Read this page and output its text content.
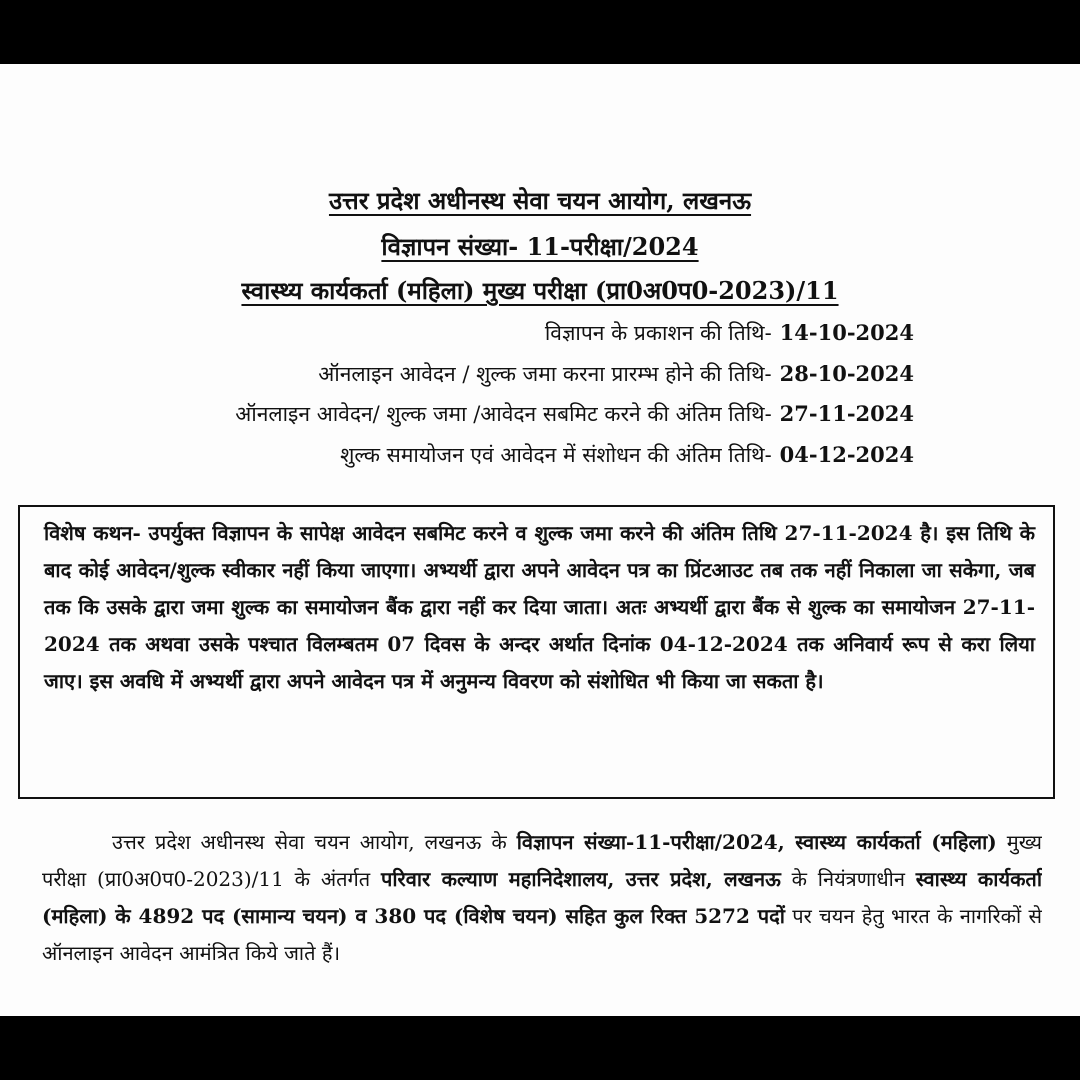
उत्तर प्रदेश अधीनस्थ सेवा चयन आयोग, लखनऊ
विज्ञापन संख्या- 11-परीक्षा/2024
स्वास्थ्य कार्यकर्ता (महिला) मुख्य परीक्षा (प्रा0अ0प0-2023)/11
विज्ञापन के प्रकाशन की तिथि- 14-10-2024
ऑनलाइन आवेदन / शुल्क जमा करना प्रारम्भ होने की तिथि- 28-10-2024
ऑनलाइन आवेदन/ शुल्क जमा /आवेदन सबमिट करने की अंतिम तिथि- 27-11-2024
शुल्क समायोजन एवं आवेदन में संशोधन की अंतिम तिथि- 04-12-2024
विशेष कथन- उपर्युक्त विज्ञापन के सापेक्ष आवेदन सबमिट करने व शुल्क जमा करने की अंतिम तिथि 27-11-2024 है। इस तिथि के बाद कोई आवेदन/शुल्क स्वीकार नहीं किया जाएगा। अभ्यर्थी द्वारा अपने आवेदन पत्र का प्रिंटआउट तब तक नहीं निकाला जा सकेगा, जब तक कि उसके द्वारा जमा शुल्क का समायोजन बैंक द्वारा नहीं कर दिया जाता। अतः अभ्यर्थी द्वारा बैंक से शुल्क का समायोजन 27-11-2024 तक अथवा उसके पश्चात विलम्बतम 07 दिवस के अन्दर अर्थात दिनांक 04-12-2024 तक अनिवार्य रूप से करा लिया जाए। इस अवधि में अभ्यर्थी द्वारा अपने आवेदन पत्र में अनुमन्य विवरण को संशोधित भी किया जा सकता है।
उत्तर प्रदेश अधीनस्थ सेवा चयन आयोग, लखनऊ के विज्ञापन संख्या-11-परीक्षा/2024, स्वास्थ्य कार्यकर्ता (महिला) मुख्य परीक्षा (प्रा0अ0प0-2023)/11 के अंतर्गत परिवार कल्याण महानिदेशालय, उत्तर प्रदेश, लखनऊ के नियंत्रणाधीन स्वास्थ्य कार्यकर्ता (महिला) के 4892 पद (सामान्य चयन) व 380 पद (विशेष चयन) सहित कुल रिक्त 5272 पदों पर चयन हेतु भारत के नागरिकों से ऑनलाइन आवेदन आमंत्रित किये जाते हैं।
